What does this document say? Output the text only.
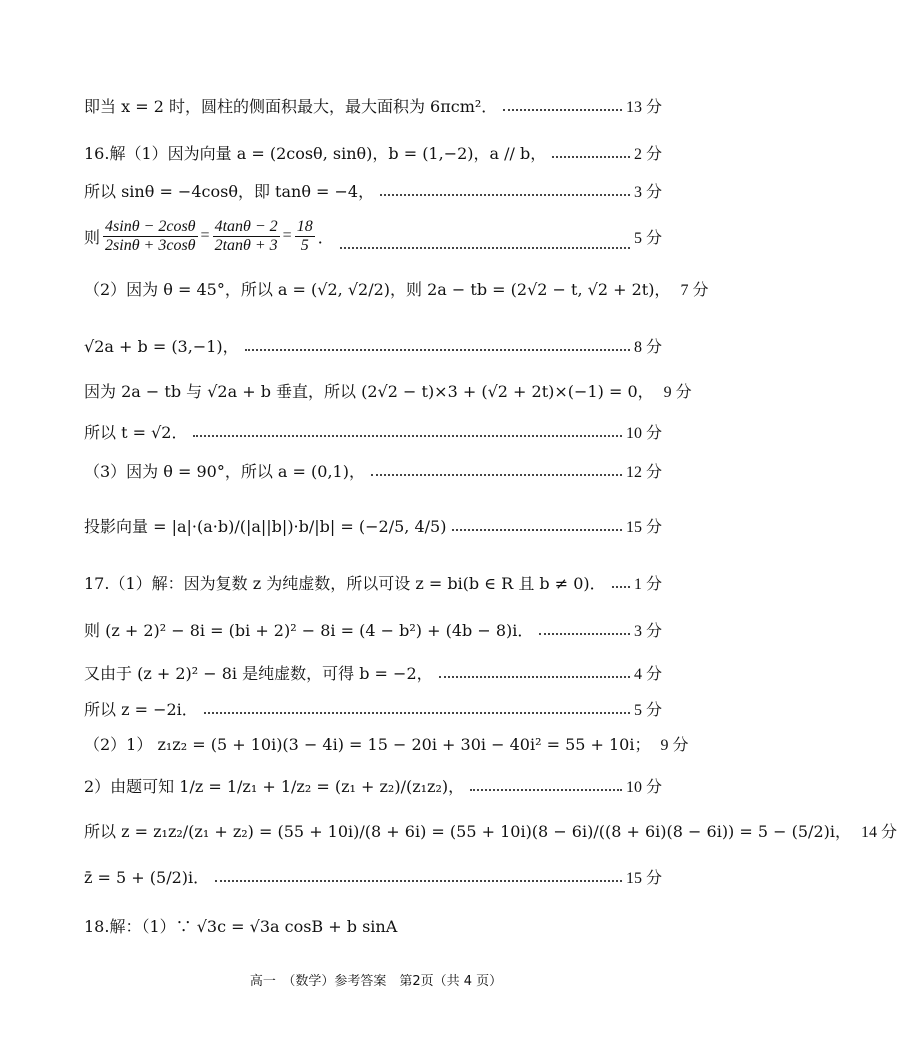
即当 x = 2 时，圆柱的侧面积最大，最大面积为 6πcm²．	13 分
16.解（1）因为向量 a = (2cosθ, sinθ)，b = (1,−2)，a // b，	2 分
所以 sinθ = −4cosθ，即 tanθ = −4，	3 分
则 $\frac{4\sin\theta - 2\cos\theta}{2\sin\theta + 3\cos\theta} = \frac{4\tan\theta - 2}{2\tan\theta + 3} = \frac{18}{5}$ ．	5 分
（2）因为 θ = 45°，所以 a = (√2, √2/2)，则 2a − tb = (2√2 − t, √2 + 2t)， 7 分
√2a + b = (3,−1)，	8 分
因为 2a − tb 与 √2a + b 垂直，所以 (2√2 − t)×3 + (√2 + 2t)×(−1) = 0， 9 分
所以 t = √2．	10 分
（3）因为 θ = 90°，所以 a = (0,1)，	12 分
投影向量 = |a|·(a·b)/(|a||b|)·b/|b| = (−2/5, 4/5)	15 分
17.（1）解：因为复数 z 为纯虚数，所以可设 z = bi(b ∈ R 且 b ≠ 0)． 1 分
则 (z + 2)² − 8i = (bi + 2)² − 8i = (4 − b²) + (4b − 8)i．	3 分
又由于 (z + 2)² − 8i 是纯虚数，可得 b = −2，	4 分
所以 z = −2i．	5 分
（2）1） z₁z₂ = (5 + 10i)(3 − 4i) = 15 − 20i + 30i − 40i² = 55 + 10i； 9 分
2）由题可知 1/z = 1/z₁ + 1/z₂ = (z₁ + z₂)/(z₁z₂)，	10 分
所以 z = z₁z₂/(z₁ + z₂) = (55 + 10i)/(8 + 6i) = (55 + 10i)(8 − 6i)/((8 + 6i)(8 − 6i)) = 5 − (5/2)i， 14 分
z̄ = 5 + (5/2)i．	15 分
18.解：（1）∵ √3c = √3a cosB + b sinA
高一　（数学）参考答案　第2页（共 4 页）
